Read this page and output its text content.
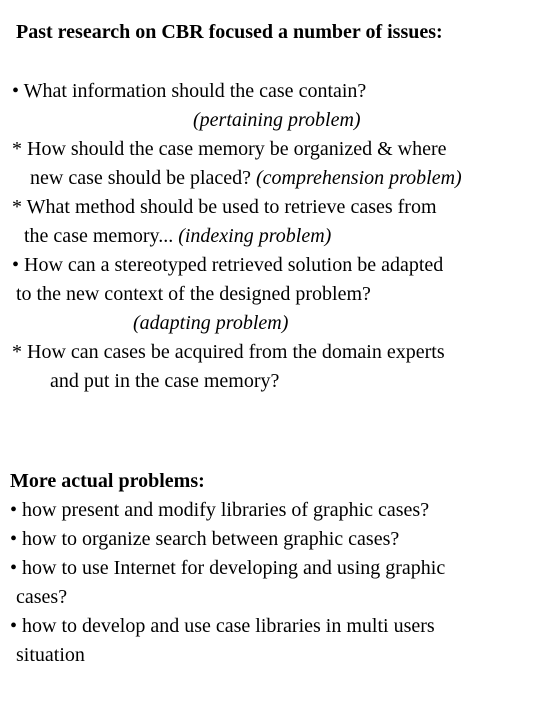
Past research on CBR focused a number of issues:
• What information should the case contain?
(pertaining problem)
* How should the case memory be organized & where
new case should be placed? (comprehension problem)
* What method should be used to retrieve cases from
the case memory... (indexing problem)
• How can a stereotyped retrieved solution be adapted
to the new context of the designed problem?
(adapting problem)
* How can cases be acquired from the domain experts
and put in the case memory?
More actual problems:
• how present and modify libraries of graphic cases?
• how to organize search between graphic cases?
• how to use Internet for developing and using graphic
cases?
• how to develop and use case libraries in multi users
situation
